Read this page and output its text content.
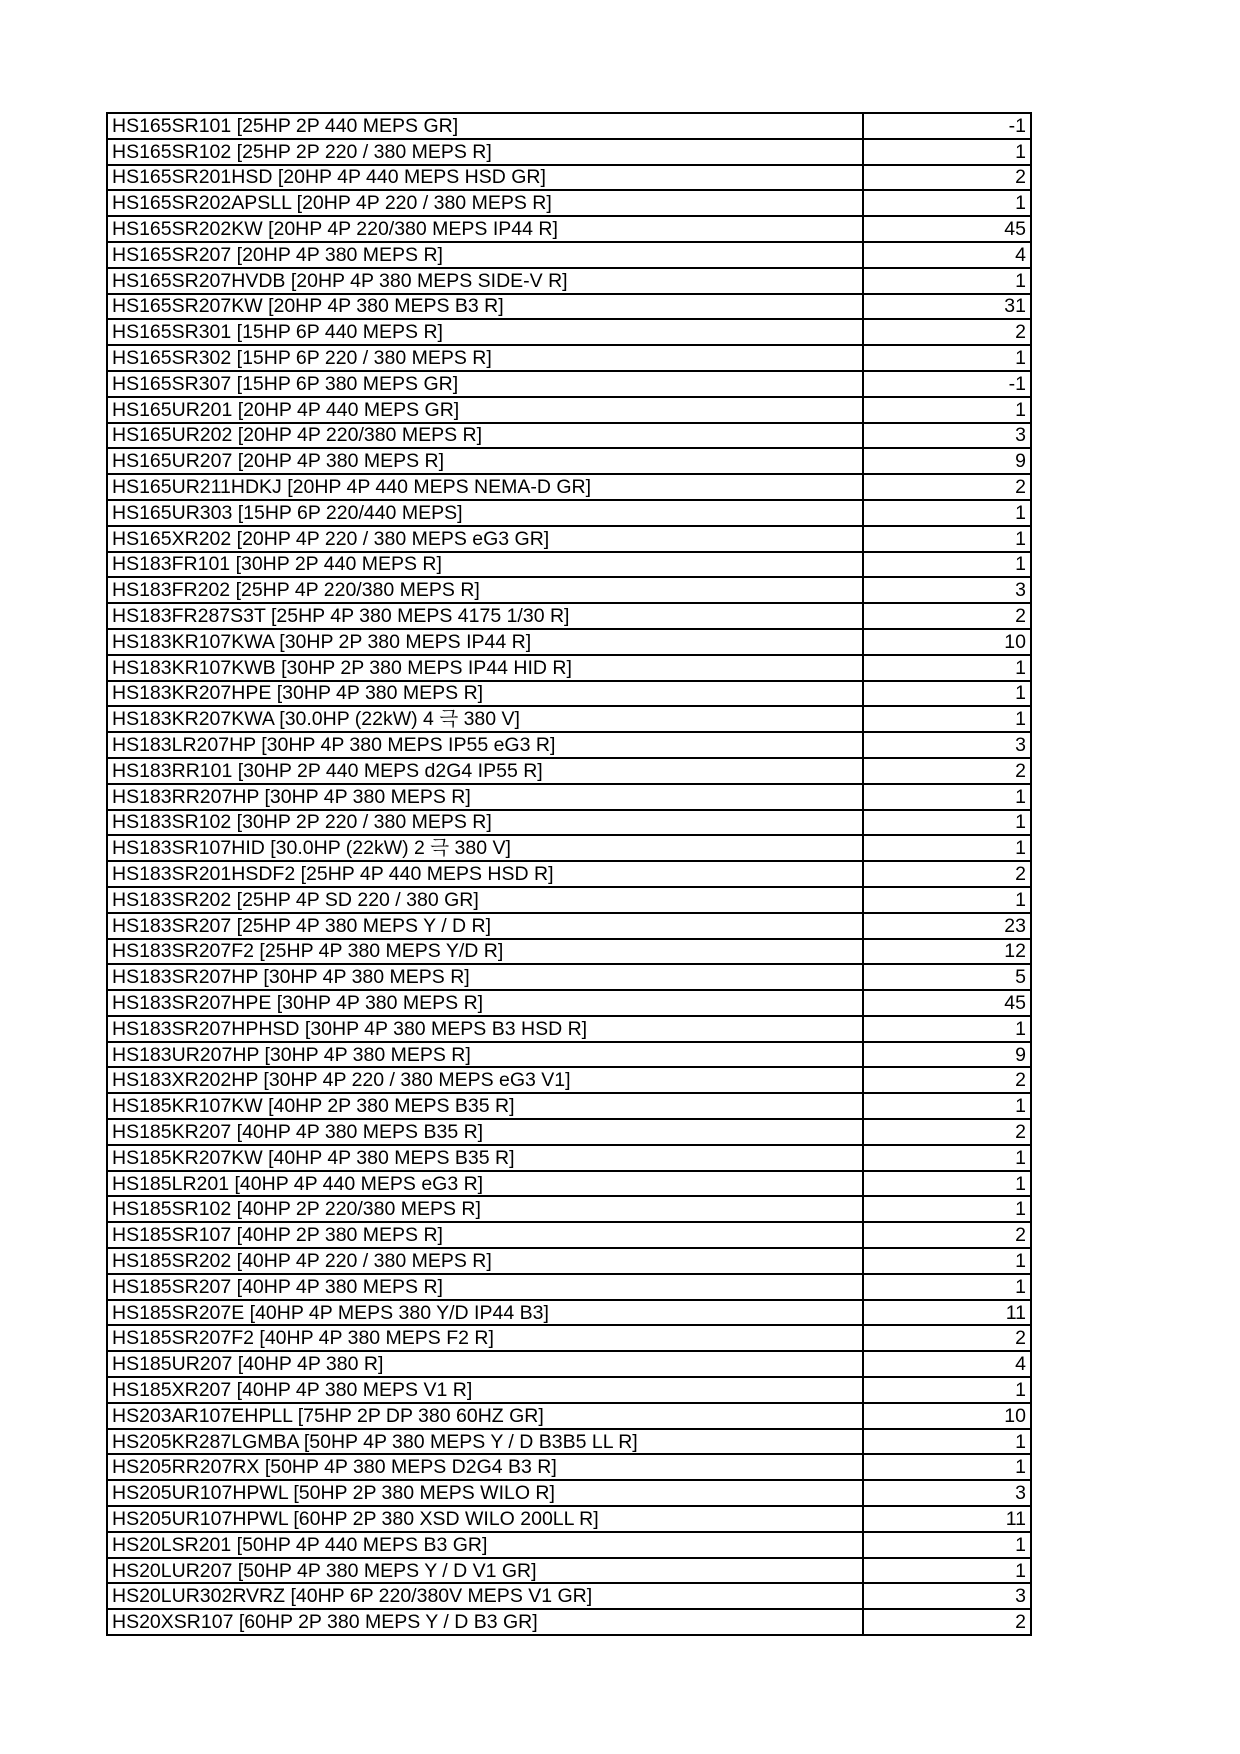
HS165SR101 [25HP 2P 440 MEPS GR]	-1
HS165SR102 [25HP 2P 220 / 380 MEPS R]	1
HS165SR201HSD [20HP 4P 440 MEPS HSD GR]	2
HS165SR202APSLL [20HP 4P 220 / 380 MEPS R]	1
HS165SR202KW [20HP 4P 220/380 MEPS IP44 R]	45
HS165SR207 [20HP 4P 380 MEPS R]	4
HS165SR207HVDB [20HP 4P 380 MEPS SIDE-V R]	1
HS165SR207KW [20HP 4P 380 MEPS B3 R]	31
HS165SR301 [15HP 6P 440 MEPS R]	2
HS165SR302 [15HP 6P 220 / 380 MEPS R]	1
HS165SR307 [15HP 6P 380 MEPS GR]	-1
HS165UR201 [20HP 4P 440 MEPS GR]	1
HS165UR202 [20HP 4P 220/380 MEPS R]	3
HS165UR207 [20HP 4P 380 MEPS R]	9
HS165UR211HDKJ [20HP 4P 440 MEPS NEMA-D GR]	2
HS165UR303 [15HP 6P 220/440 MEPS]	1
HS165XR202 [20HP 4P 220 / 380 MEPS eG3 GR]	1
HS183FR101 [30HP 2P 440 MEPS R]	1
HS183FR202 [25HP 4P 220/380 MEPS R]	3
HS183FR287S3T [25HP 4P 380 MEPS 4175 1/30 R]	2
HS183KR107KWA [30HP 2P 380 MEPS IP44 R]	10
HS183KR107KWB [30HP 2P 380 MEPS IP44 HID R]	1
HS183KR207HPE [30HP 4P 380 MEPS R]	1
HS183KR207KWA [30.0HP (22kW) 4 극 380 V]	1
HS183LR207HP [30HP 4P 380 MEPS IP55 eG3 R]	3
HS183RR101 [30HP 2P 440 MEPS d2G4 IP55 R]	2
HS183RR207HP [30HP 4P 380 MEPS R]	1
HS183SR102 [30HP 2P 220 / 380 MEPS R]	1
HS183SR107HID [30.0HP (22kW) 2 극 380 V]	1
HS183SR201HSDF2 [25HP 4P 440 MEPS HSD R]	2
HS183SR202 [25HP 4P SD 220 / 380 GR]	1
HS183SR207 [25HP 4P 380 MEPS Y / D R]	23
HS183SR207F2 [25HP 4P 380 MEPS Y/D R]	12
HS183SR207HP [30HP 4P 380 MEPS R]	5
HS183SR207HPE [30HP 4P 380 MEPS R]	45
HS183SR207HPHSD [30HP 4P 380 MEPS B3 HSD R]	1
HS183UR207HP [30HP 4P 380 MEPS R]	9
HS183XR202HP [30HP 4P 220 / 380 MEPS eG3 V1]	2
HS185KR107KW [40HP 2P 380 MEPS B35 R]	1
HS185KR207 [40HP 4P 380 MEPS B35 R]	2
HS185KR207KW [40HP 4P 380 MEPS B35 R]	1
HS185LR201 [40HP 4P 440 MEPS eG3 R]	1
HS185SR102 [40HP 2P 220/380 MEPS R]	1
HS185SR107 [40HP 2P 380 MEPS R]	2
HS185SR202 [40HP 4P 220 / 380 MEPS R]	1
HS185SR207 [40HP 4P 380 MEPS R]	1
HS185SR207E [40HP 4P MEPS 380 Y/D IP44 B3]	11
HS185SR207F2 [40HP 4P 380 MEPS F2 R]	2
HS185UR207 [40HP 4P 380 R]	4
HS185XR207 [40HP 4P 380 MEPS V1 R]	1
HS203AR107EHPLL [75HP 2P DP 380 60HZ GR]	10
HS205KR287LGMBA [50HP 4P 380 MEPS Y / D B3B5 LL R]	1
HS205RR207RX [50HP 4P 380 MEPS D2G4 B3 R]	1
HS205UR107HPWL [50HP 2P 380 MEPS WILO R]	3
HS205UR107HPWL [60HP 2P 380 XSD WILO 200LL R]	11
HS20LSR201 [50HP 4P 440 MEPS B3 GR]	1
HS20LUR207 [50HP 4P 380 MEPS Y / D V1 GR]	1
HS20LUR302RVRZ [40HP 6P 220/380V MEPS V1 GR]	3
HS20XSR107 [60HP 2P 380 MEPS Y / D B3 GR]	2
